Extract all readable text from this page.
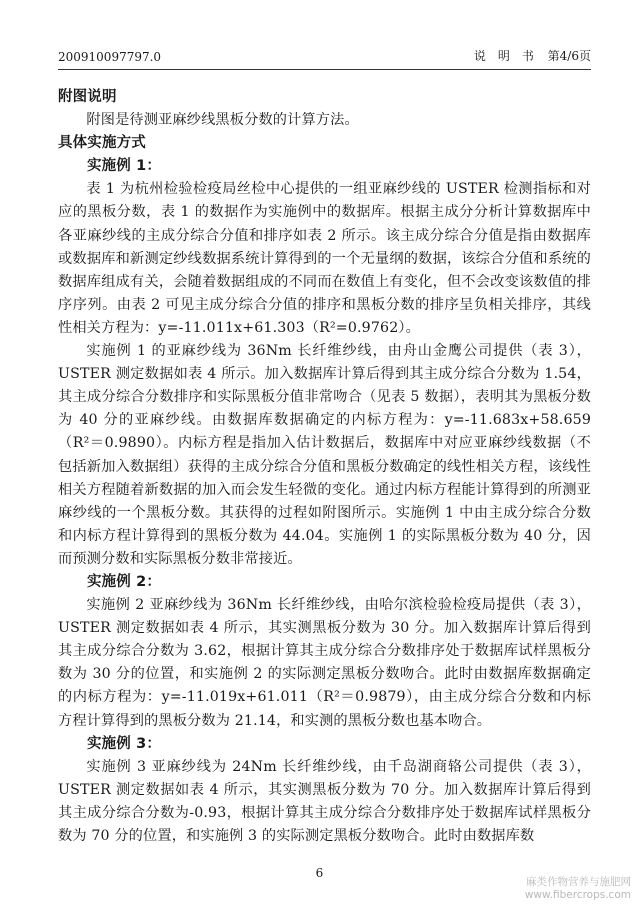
200910097797.0	说　明　书 第4/6页

附图说明

附图是待测亚麻纱线黑板分数的计算方法。

具体实施方式

实施例 1：

表 1 为杭州检验检疫局丝检中心提供的一组亚麻纱线的 USTER 检测指标和对应的黑板分数，表 1 的数据作为实施例中的数据库。根据主成分分析计算数据库中各亚麻纱线的主成分综合分值和排序如表 2 所示。该主成分综合分值是指由数据库或数据库和新测定纱线数据系统计算得到的一个无量纲的数据，该综合分值和系统的数据库组成有关，会随着数据组成的不同而在数值上有变化，但不会改变该数值的排序序列。由表 2 可见主成分综合分值的排序和黑板分数的排序呈负相关排序，其线性相关方程为：y=-11.011x+61.303（R²=0.9762）。

实施例 1 的亚麻纱线为 36Nm 长纤维纱线，由舟山金鹰公司提供（表 3），USTER 测定数据如表 4 所示。加入数据库计算后得到其主成分综合分数为 1.54，其主成分综合分数排序和实际黑板分值非常吻合（见表 5 数据），表明其为黑板分数为 40 分的亚麻纱线。由数据库数据确定的内标方程为：y=-11.683x+58.659（R²＝0.9890）。内标方程是指加入估计数据后，数据库中对应亚麻纱线数据（不包括新加入数据组）获得的主成分综合分值和黑板分数确定的线性相关方程，该线性相关方程随着新数据的加入而会发生轻微的变化。通过内标方程能计算得到的所测亚麻纱线的一个黑板分数。其获得的过程如附图所示。实施例 1 中由主成分综合分数和内标方程计算得到的黑板分数为 44.04。实施例 1 的实际黑板分数为 40 分，因而预测分数和实际黑板分数非常接近。

实施例 2：

实施例 2 亚麻纱线为 36Nm 长纤维纱线，由哈尔滨检验检疫局提供（表 3），USTER 测定数据如表 4 所示，其实测黑板分数为 30 分。加入数据库计算后得到其主成分综合分数为 3.62，根据计算其主成分综合分数排序处于数据库试样黑板分数为 30 分的位置，和实施例 2 的实际测定黑板分数吻合。此时由数据库数据确定的内标方程为：y=-11.019x+61.011（R²＝0.9879），由主成分综合分数和内标方程计算得到的黑板分数为 21.14，和实测的黑板分数也基本吻合。

实施例 3：

实施例 3 亚麻纱线为 24Nm 长纤维纱线，由千岛湖商辂公司提供（表 3），USTER 测定数据如表 4 所示，其实测黑板分数为 70 分。加入数据库计算后得到其主成分综合分数为-0.93，根据计算其主成分综合分数排序处于数据库试样黑板分数为 70 分的位置，和实施例 3 的实际测定黑板分数吻合。此时由数据库数

6
麻类作物营养与施肥网
www.fibercrops.com
